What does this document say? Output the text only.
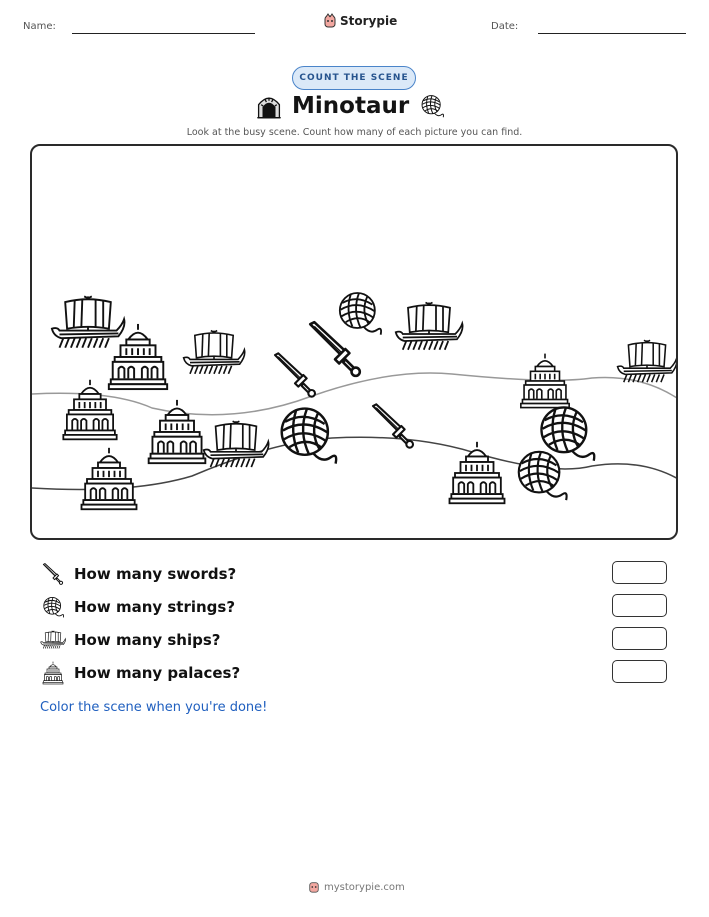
Name:	Storypie	Date:
COUNT THE SCENE
Minotaur
Look at the busy scene. Count how many of each picture you can find.
How many swords?
How many strings?
How many ships?
How many palaces?
Color the scene when you're done!
mystorypie.com
